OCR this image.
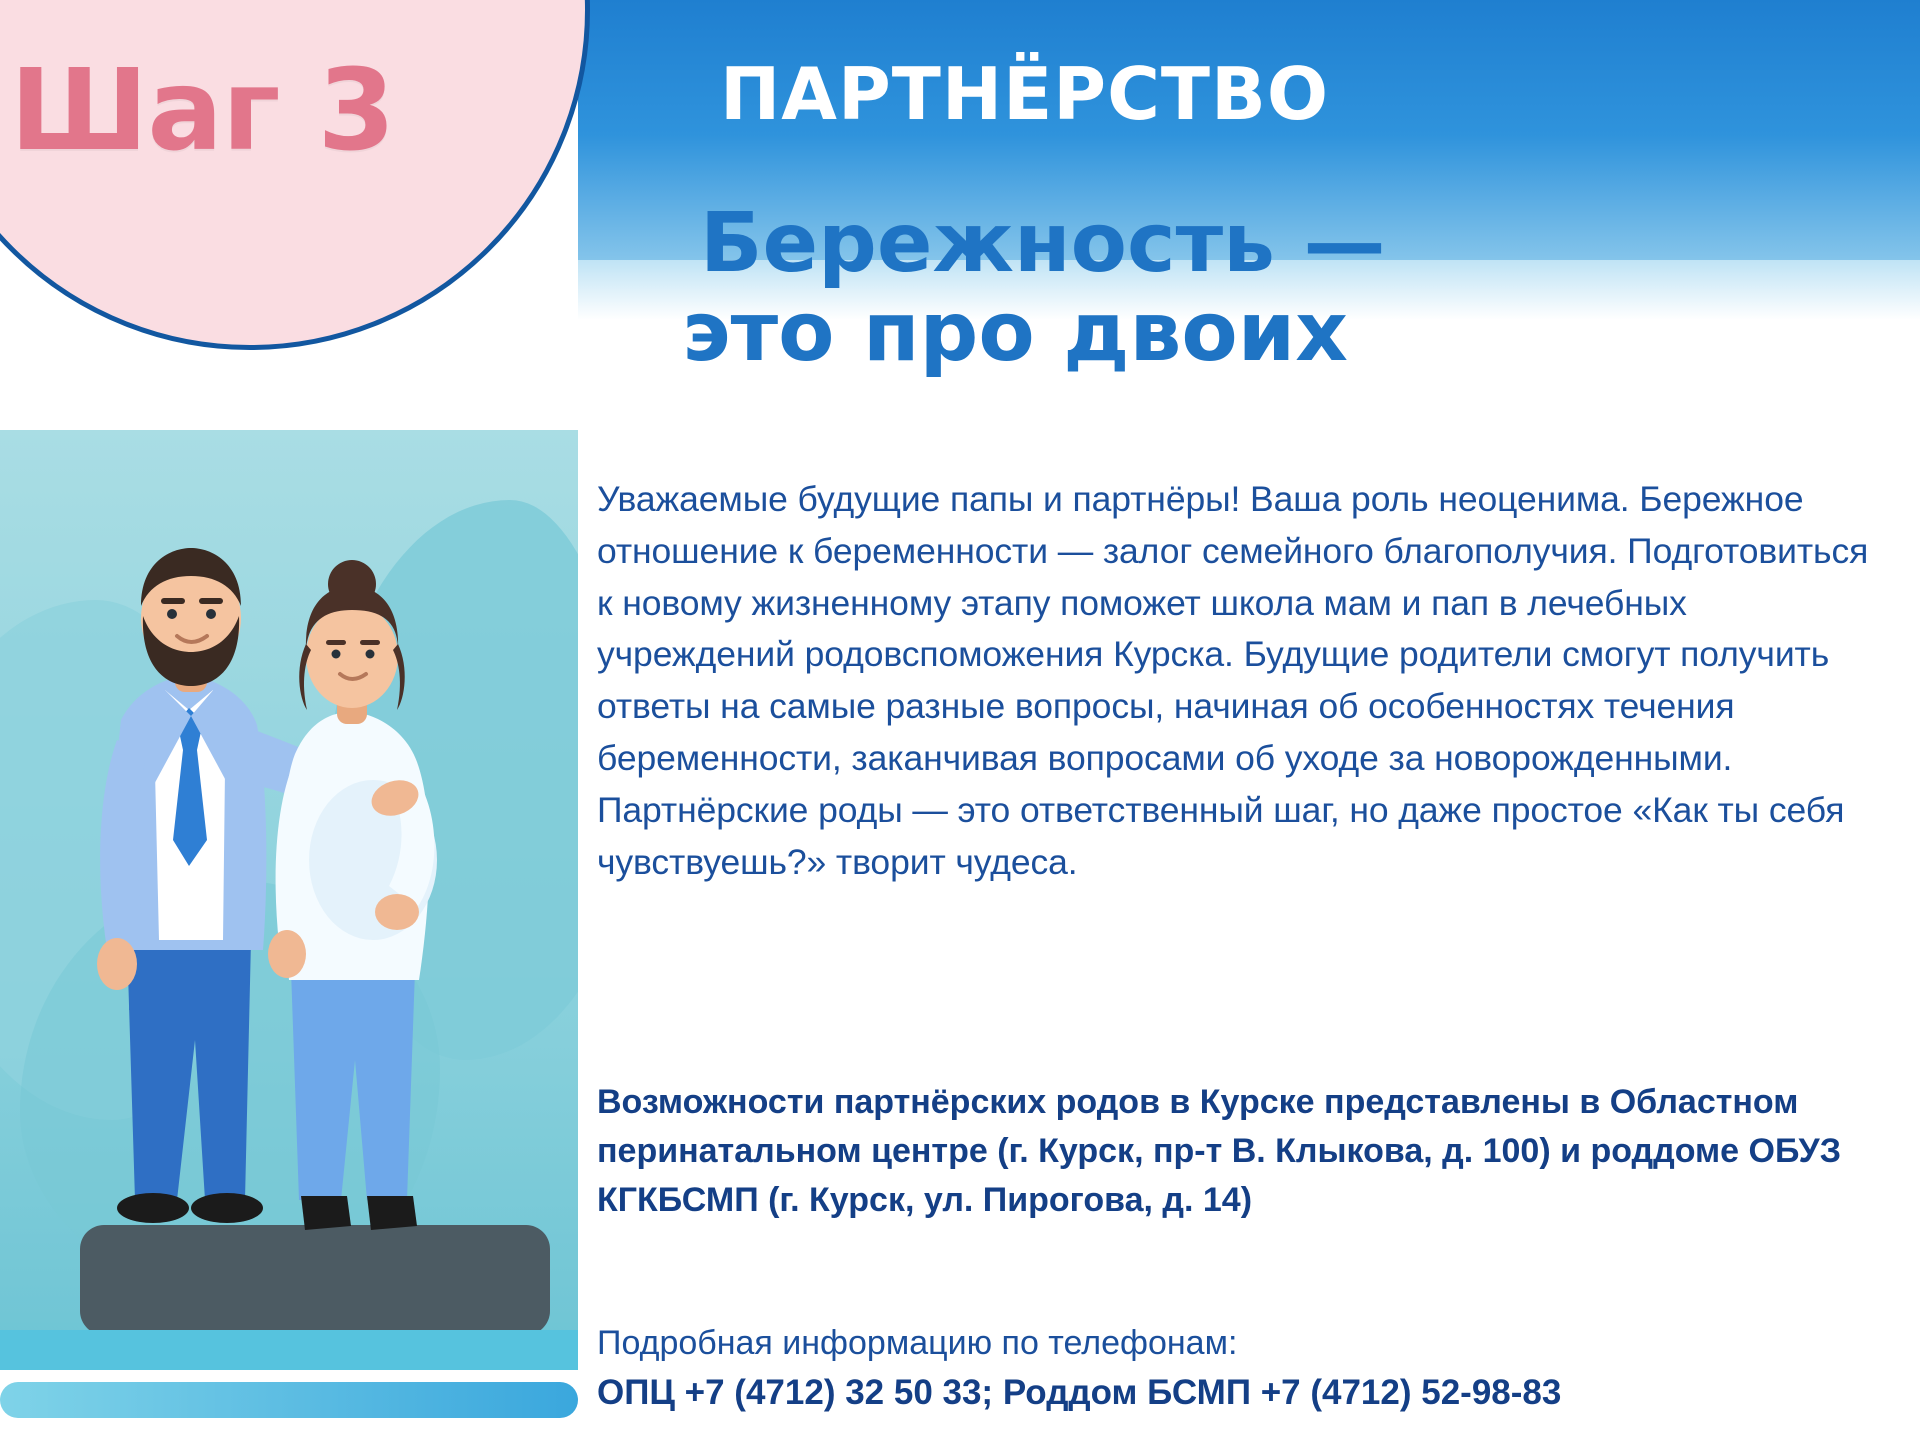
Шаг 3	ПАРТНЁРСТВО
Бережность —
это про двоих
Уважаемые будущие папы и партнёры! Ваша роль неоценима. Бережное отношение к беременности — залог семейного благополучия. Подготовиться к новому жизненному этапу поможет школа мам и пап в лечебных учреждений родовспоможения Курска. Будущие родители смогут получить ответы на самые разные вопросы, начиная об особенностях течения беременности, заканчивая вопросами об уходе за новорожденными. Партнёрские роды — это ответственный шаг, но даже простое «Как ты себя чувствуешь?» творит чудеса.
Возможности партнёрских родов в Курске представлены в Областном перинатальном центре (г. Курск, пр-т В. Клыкова, д. 100) и роддоме ОБУЗ КГКБСМП (г. Курск, ул. Пирогова, д. 14)
Подробная информацию по телефонам:
ОПЦ +7 (4712) 32 50 33; Роддом БСМП +7 (4712) 52-98-83
